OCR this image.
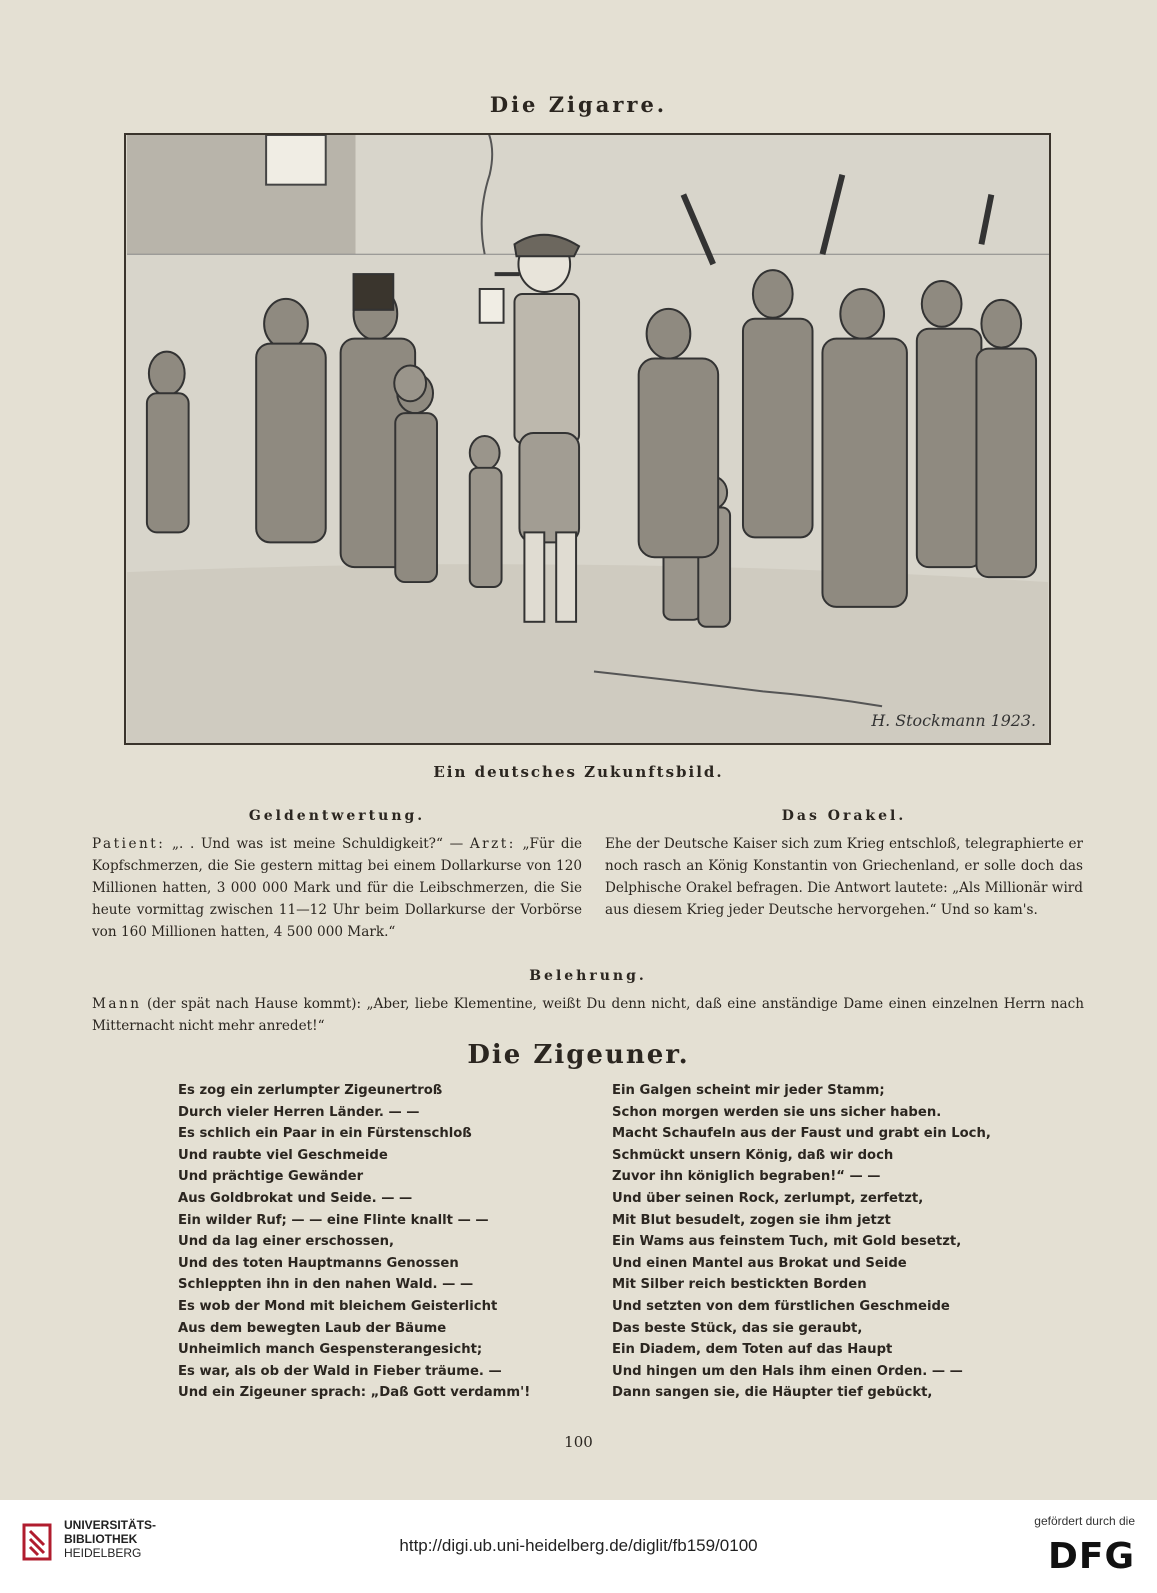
Die Zigarre.
H. Stockmann 1923.
Ein deutsches Zukunftsbild.
Geldentwertung.
Patient: „. . Und was ist meine Schuldigkeit?“ — Arzt: „Für die Kopfschmerzen, die Sie gestern mittag bei einem Dollarkurse von 120 Millionen hatten, 3 000 000 Mark und für die Leibschmerzen, die Sie heute vormittag zwischen 11—12 Uhr beim Dollarkurse der Vorbörse von 160 Millionen hatten, 4 500 000 Mark.“
Das Orakel.
Ehe der Deutsche Kaiser sich zum Krieg entschloß, telegraphierte er noch rasch an König Konstantin von Griechenland, er solle doch das Delphische Orakel befragen. Die Antwort lautete: „Als Millionär wird aus diesem Krieg jeder Deutsche hervorgehen.“ Und so kam's.
Belehrung.
Mann (der spät nach Hause kommt): „Aber, liebe Klementine, weißt Du denn nicht, daß eine anständige Dame einen einzelnen Herrn nach Mitternacht nicht mehr anredet!“
Die Zigeuner.
Es zog ein zerlumpter Zigeunertroß
Durch vieler Herren Länder. — —
Es schlich ein Paar in ein Fürstenschloß
Und raubte viel Geschmeide
Und prächtige Gewänder
Aus Goldbrokat und Seide. — —
Ein wilder Ruf; — — eine Flinte knallt — —
Und da lag einer erschossen,
Und des toten Hauptmanns Genossen
Schleppten ihn in den nahen Wald. — —
Es wob der Mond mit bleichem Geisterlicht
Aus dem bewegten Laub der Bäume
Unheimlich manch Gespensterangesicht;
Es war, als ob der Wald in Fieber träume. —
Und ein Zigeuner sprach: „Daß Gott verdamm'!
Ein Galgen scheint mir jeder Stamm;
Schon morgen werden sie uns sicher haben.
Macht Schaufeln aus der Faust und grabt ein Loch,
Schmückt unsern König, daß wir doch
Zuvor ihn königlich begraben!“ — —
Und über seinen Rock, zerlumpt, zerfetzt,
Mit Blut besudelt, zogen sie ihm jetzt
Ein Wams aus feinstem Tuch, mit Gold besetzt,
Und einen Mantel aus Brokat und Seide
Mit Silber reich bestickten Borden
Und setzten von dem fürstlichen Geschmeide
Das beste Stück, das sie geraubt,
Ein Diadem, dem Toten auf das Haupt
Und hingen um den Hals ihm einen Orden. — —
Dann sangen sie, die Häupter tief gebückt,
100
UNIVERSITÄTS-
BIBLIOTHEK
HEIDELBERG	http://digi.ub.uni-heidelberg.de/diglit/fb159/0100
gefördert durch die
DFG
